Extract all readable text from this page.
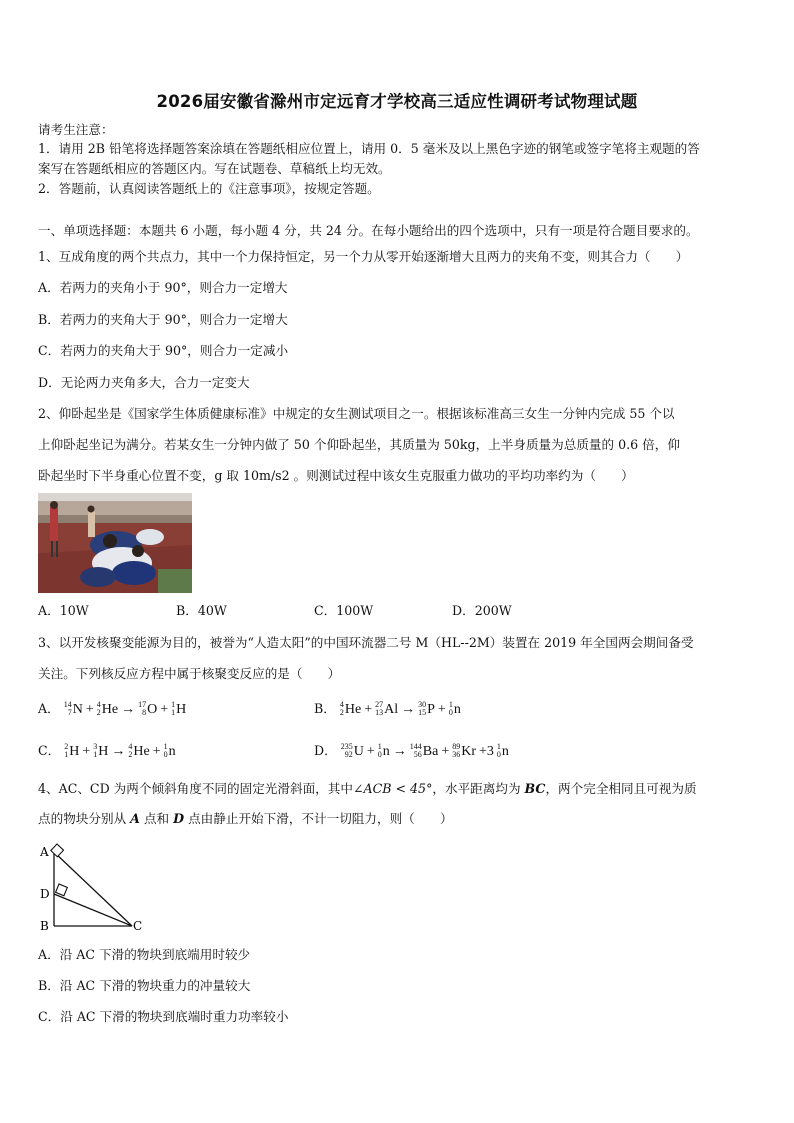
2026届安徽省滁州市定远育才学校高三适应性调研考试物理试题
请考生注意：
1．请用 2B 铅笔将选择题答案涂填在答题纸相应位置上，请用 0．5 毫米及以上黑色字迹的钢笔或签字笔将主观题的答
案写在答题纸相应的答题区内。写在试题卷、草稿纸上均无效。
2．答题前，认真阅读答题纸上的《注意事项》，按规定答题。
一、单项选择题：本题共 6 小题，每小题 4 分，共 24 分。在每小题给出的四个选项中，只有一项是符合题目要求的。
1、互成角度的两个共点力，其中一个力保持恒定，另一个力从零开始逐渐增大且两力的夹角不变，则其合力（　　）
A．若两力的夹角小于 90°，则合力一定增大
B．若两力的夹角大于 90°，则合力一定增大
C．若两力的夹角大于 90°，则合力一定减小
D．无论两力夹角多大，合力一定变大
2、仰卧起坐是《国家学生体质健康标准》中规定的女生测试项目之一。根据该标准高三女生一分钟内完成 55 个以
上仰卧起坐记为满分。若某女生一分钟内做了 50 个仰卧起坐，其质量为 50kg，上半身质量为总质量的 0.6 倍，仰
卧起坐时下半身重心位置不变，g 取 10m/s2 。则测试过程中该女生克服重力做功的平均功率约为（　　）
A．10W	B．40W	C．100W	D．200W
3、以开发核聚变能源为目的，被誉为“人造太阳”的中国环流器二号 M（HL--2M）装置在 2019 年全国两会期间备受
关注。下列核反应方程中属于核聚变反应的是（　　）
A． 14
7 N + 4
2 He → 17
8 O + 1
1 H	B． 4
2 He + 27
13 Al → 30
15 P + 1
0 n
C． 2
1 H + 3
1 H → 4
2 He + 1
0 n	D． 235
92 U + 1
0 n → 144
56 Ba + 89
36 Kr +3 1
0 n
4、AC、CD 为两个倾斜角度不同的固定光滑斜面，其中∠ACB < 45°，水平距离均为 BC，两个完全相同且可视为质
点的物块分别从 A 点和 D 点由静止开始下滑，不计一切阻力，则（　　）
A
D
B	C
A．沿 AC 下滑的物块到底端用时较少
B．沿 AC 下滑的物块重力的冲量较大
C．沿 AC 下滑的物块到底端时重力功率较小
